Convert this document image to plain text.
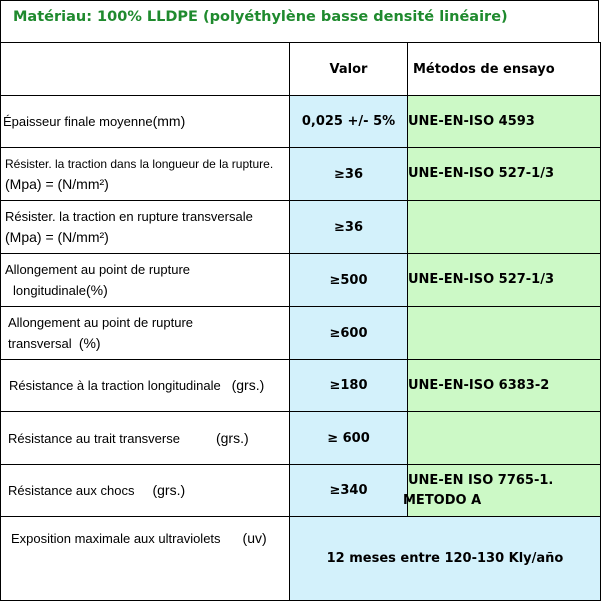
Matériau: 100% LLDPE (polyéthylène basse densité linéaire)
	Valor	Métodos de ensayo
Épaisseur finale moyenne(mm)	0,025 +/- 5%	UNE-EN-ISO 4593

Résister. la traction dans la longueur de la rupture.
(Mpa) = (N/mm²)	≥36	UNE-EN-ISO 527-1/3

Résister. la traction en rupture transversale
(Mpa) = (N/mm²)	≥36	

Allongement au point de rupture
longitudinale(%)	≥500	UNE-EN-ISO 527-1/3

Allongement au point de rupture
transversal (%)	≥600	
Résistance à la traction longitudinale (grs.)	≥180	UNE-EN-ISO 6383-2
Résistance au trait transverse (grs.)	≥ 600	
Résistance aux chocs (grs.)	≥340	UNE-EN ISO 7765-1.
METODO A

Exposition maximale aux ultraviolets (uv)	12 meses entre 120-130 Kly/año	
